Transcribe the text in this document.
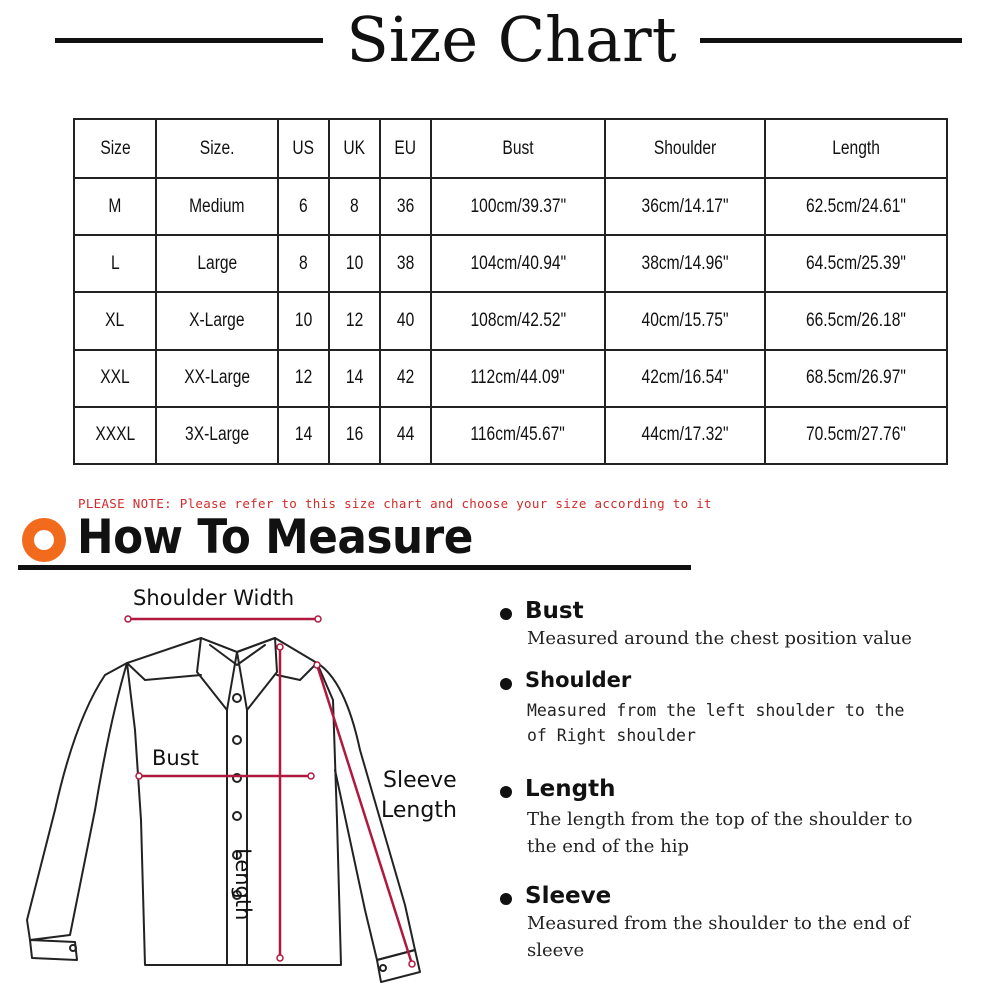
Size Chart
Size	Size.	US	UK	EU	Bust	Shoulder	Length
M	Medium	6	8	36	100cm/39.37"	36cm/14.17"	62.5cm/24.61"
L	Large	8	10	38	104cm/40.94"	38cm/14.96"	64.5cm/25.39"
XL	X-Large	10	12	40	108cm/42.52"	40cm/15.75"	66.5cm/26.18"
XXL	XX-Large	12	14	42	112cm/44.09"	42cm/16.54"	68.5cm/26.97"
XXXL	3X-Large	14	16	44	116cm/45.67"	44cm/17.32"	70.5cm/27.76"
PLEASE NOTE: Please refer to this size chart and choose your size according to it
How To Measure
Shoulder Width
Bust
Sleeve
Length
Length
Bust
Measured around the chest position value
Shoulder
Measured from the left shoulder to the of Right shoulder
Length
The length from the top of the shoulder to the end of the hip
Sleeve
Measured from the shoulder to the end of sleeve
